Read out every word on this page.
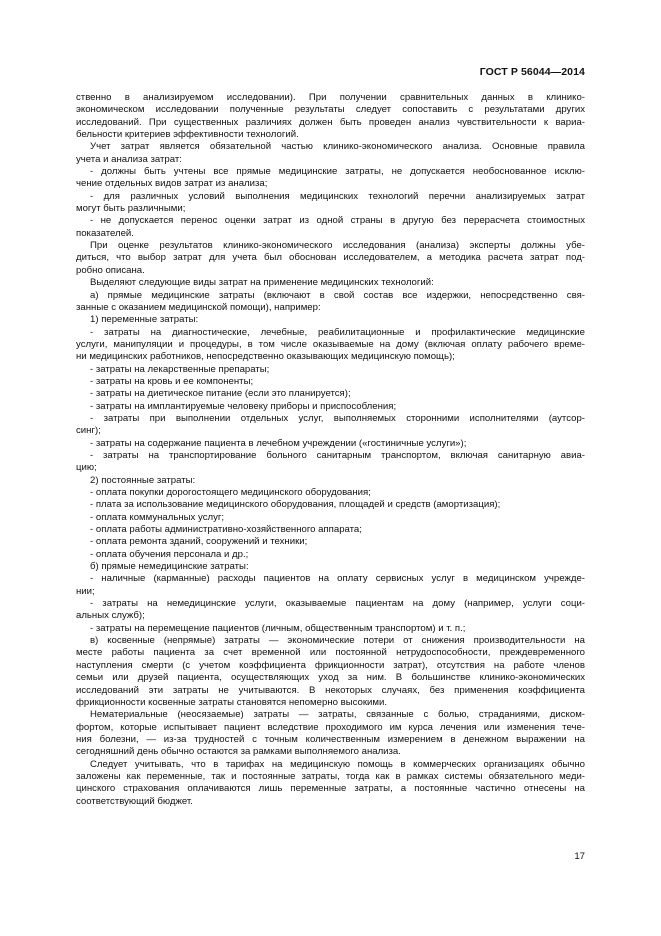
ГОСТ Р 56044—2014
ственно в анализируемом исследовании). При получении сравнительных данных в клинико-
экономическом исследовании полученные результаты следует сопоставить с результатами других
исследований. При существенных различиях должен быть проведен анализ чувствительности к вариа-
бельности критериев эффективности технологий.
Учет затрат является обязательной частью клинико-экономического анализа. Основные правила
учета и анализа затрат:
- должны быть учтены все прямые медицинские затраты, не допускается необоснованное исклю-
чение отдельных видов затрат из анализа;
- для различных условий выполнения медицинских технологий перечни анализируемых затрат
могут быть различными;
- не допускается перенос оценки затрат из одной страны в другую без перерасчета стоимостных
показателей.
При оценке результатов клинико-экономического исследования (анализа) эксперты должны убе-
диться, что выбор затрат для учета был обоснован исследователем, а методика расчета затрат под-
робно описана.
Выделяют следующие виды затрат на применение медицинских технологий:
а) прямые медицинские затраты (включают в свой состав все издержки, непосредственно свя-
занные с оказанием медицинской помощи), например:
1) переменные затраты:
- затраты на диагностические, лечебные, реабилитационные и профилактические медицинские
услуги, манипуляции и процедуры, в том числе оказываемые на дому (включая оплату рабочего време-
ни медицинских работников, непосредственно оказывающих медицинскую помощь);
- затраты на лекарственные препараты;
- затраты на кровь и ее компоненты;
- затраты на диетическое питание (если это планируется);
- затраты на имплантируемые человеку приборы и приспособления;
- затраты при выполнении отдельных услуг, выполняемых сторонними исполнителями (аутсор-
синг);
- затраты на содержание пациента в лечебном учреждении («гостиничные услуги»);
- затраты на транспортирование больного санитарным транспортом, включая санитарную авиа-
цию;
2) постоянные затраты:
- оплата покупки дорогостоящего медицинского оборудования;
- плата за использование медицинского оборудования, площадей и средств (амортизация);
- оплата коммунальных услуг;
- оплата работы административно-хозяйственного аппарата;
- оплата ремонта зданий, сооружений и техники;
- оплата обучения персонала и др.;
б) прямые немедицинские затраты:
- наличные (карманные) расходы пациентов на оплату сервисных услуг в медицинском учрежде-
нии;
- затраты на немедицинские услуги, оказываемые пациентам на дому (например, услуги соци-
альных служб);
- затраты на перемещение пациентов (личным, общественным транспортом) и т. п.;
в) косвенные (непрямые) затраты — экономические потери от снижения производительности на
месте работы пациента за счет временной или постоянной нетрудоспособности, преждевременного
наступления смерти (с учетом коэффициента фрикционности затрат), отсутствия на работе членов
семьи или друзей пациента, осуществляющих уход за ним. В большинстве клинико-экономических
исследований эти затраты не учитываются. В некоторых случаях, без применения коэффициента
фрикционности косвенные затраты становятся непомерно высокими.
Нематериальные (неосязаемые) затраты — затраты, связанные с болью, страданиями, диском-
фортом, которые испытывает пациент вследствие проходимого им курса лечения или изменения тече-
ния болезни, — из-за трудностей с точным количественным измерением в денежном выражении на
сегодняшний день обычно остаются за рамками выполняемого анализа.
Следует учитывать, что в тарифах на медицинскую помощь в коммерческих организациях обычно
заложены как переменные, так и постоянные затраты, тогда как в рамках системы обязательного меди-
цинского страхования оплачиваются лишь переменные затраты, а постоянные частично отнесены на
соответствующий бюджет.
17
